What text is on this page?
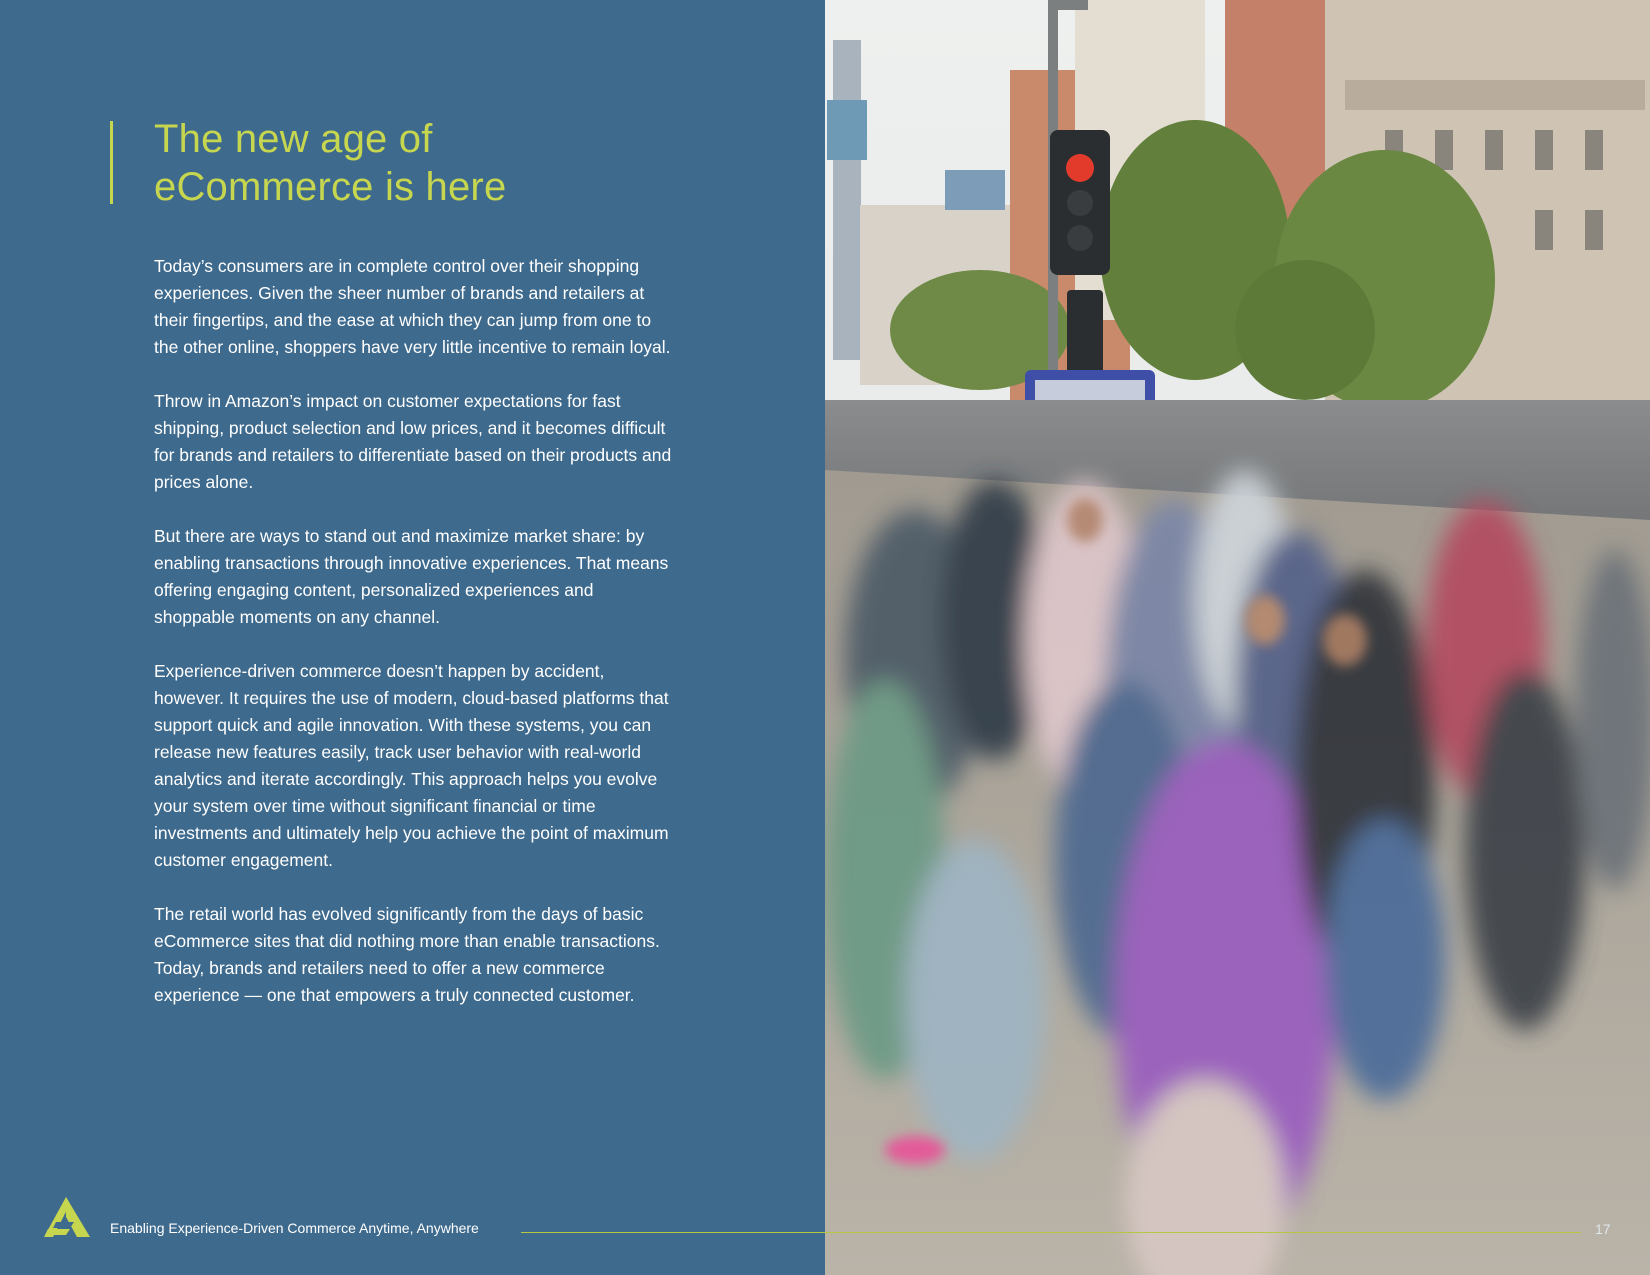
The new age of
eCommerce is here

Today’s consumers are in complete control over their shopping experiences. Given the sheer number of brands and retailers at their fingertips, and the ease at which they can jump from one to the other online, shoppers have very little incentive to remain loyal.

Throw in Amazon’s impact on customer expectations for fast shipping, product selection and low prices, and it becomes difficult for brands and retailers to differentiate based on their products and prices alone.

But there are ways to stand out and maximize market share: by enabling transactions through innovative experiences. That means offering engaging content, personalized experiences and shoppable moments on any channel.

Experience-driven commerce doesn’t happen by accident, however. It requires the use of modern, cloud-based platforms that support quick and agile innovation. With these systems, you can release new features easily, track user behavior with real-world analytics and iterate accordingly. This approach helps you evolve your system over time without significant financial or time investments and ultimately help you achieve the point of maximum customer engagement.

The retail world has evolved significantly from the days of basic eCommerce sites that did nothing more than enable transactions. Today, brands and retailers need to offer a new commerce experience — one that empowers a truly connected customer.

Enabling Experience-Driven Commerce Anytime, Anywhere	17
